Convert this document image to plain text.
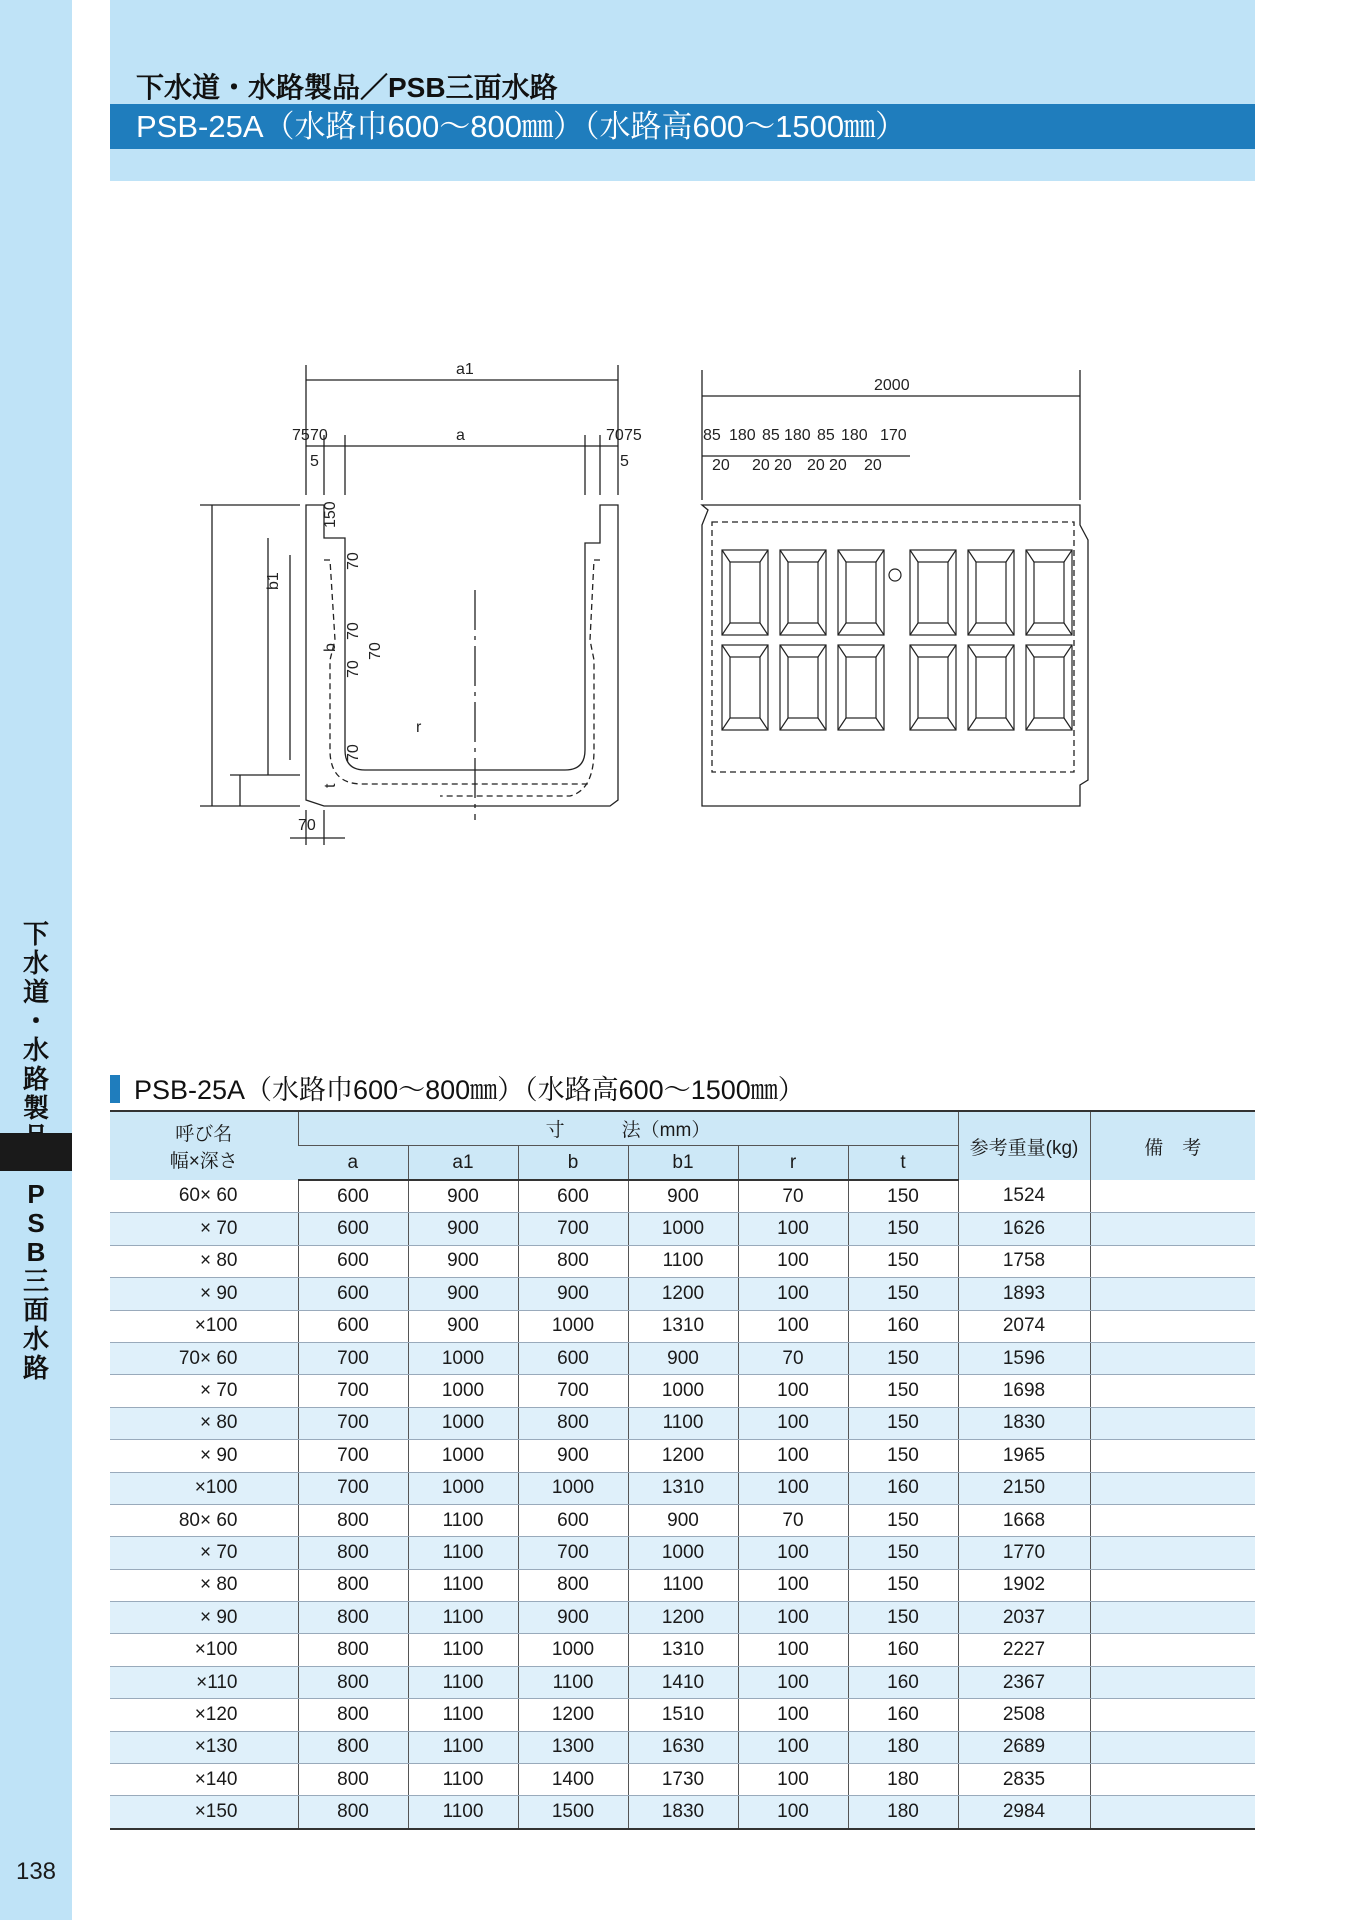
下
水
道
・
水
路
製
P
S
B
三
面
水
路
138
下水道・水路製品／PSB三面水路
PSB-25A（水路巾600～800㎜）（水路高600～1500㎜）
a1
a
75 70	70 75
5	5
b1
b
t
150
70
70
70
70
70
r
70
2000
85 180 85 180 85 180 170
20 20 20 20 20 20
PSB-25A（水路巾600～800㎜）（水路高600～1500㎜）
呼び名
幅×深さ	寸　　　法（mm）						参考重量(kg)	備　考
	a	a1	b	b1	r	t		
60× 60	600	900	600	900	70	150	1524	
× 70	600	900	700	1000	100	150	1626	
× 80	600	900	800	1100	100	150	1758	
× 90	600	900	900	1200	100	150	1893	
×100	600	900	1000	1310	100	160	2074	
70× 60	700	1000	600	900	70	150	1596	
× 70	700	1000	700	1000	100	150	1698	
× 80	700	1000	800	1100	100	150	1830	
× 90	700	1000	900	1200	100	150	1965	
×100	700	1000	1000	1310	100	160	2150	
80× 60	800	1100	600	900	70	150	1668	
× 70	800	1100	700	1000	100	150	1770	
× 80	800	1100	800	1100	100	150	1902	
× 90	800	1100	900	1200	100	150	2037	
×100	800	1100	1000	1310	100	160	2227	
×110	800	1100	1100	1410	100	160	2367	
×120	800	1100	1200	1510	100	160	2508	
×130	800	1100	1300	1630	100	180	2689	
×140	800	1100	1400	1730	100	180	2835	
×150	800	1100	1500	1830	100	180	2984	
